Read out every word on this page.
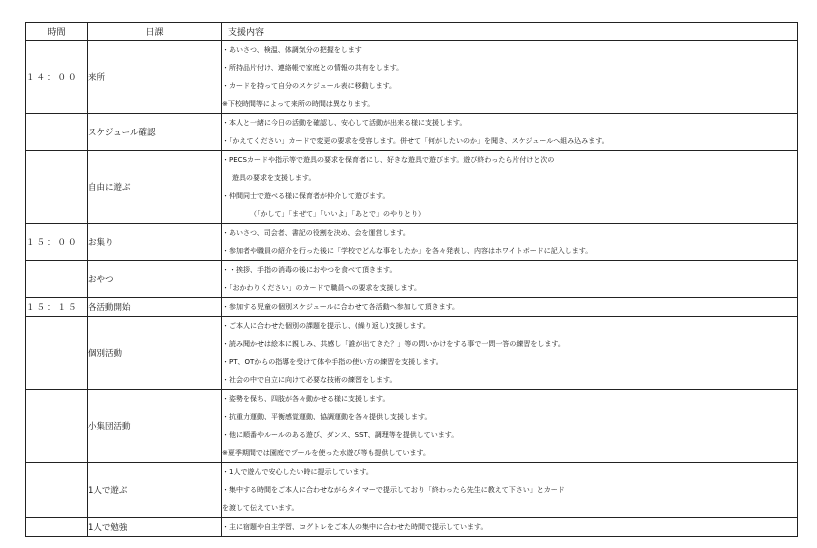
時間	日課	支援内容
１４：００	来所	・あいさつ、検温、体調気分の把握をします
・所持品片付け、連絡帳で家庭との情報の共有をします。
・カードを持って自分のスケジュール表に移動します。
※下校時間等によって来所の時間は異なります。

	スケジュール確認	・本人と一緒に今日の活動を確認し、安心して活動が出来る様に支援します。
・「かえてください」カードで変更の要求を受容します。併せて「何がしたいのか」を聞き、スケジュールへ組み込みます。

	自由に遊ぶ	・PECSカードや指示等で遊具の要求を保育者にし、好きな遊具で遊びます。遊び終わったら片付けと次の
遊具の要求を支援します。
・仲間同士で遊べる様に保育者が仲介して遊びます。
（「かして」「まぜて」「いいよ」「あとで」のやりとり）

１５：００	お集り	・あいさつ、司会者、書記の役割を決め、会を運営します。
・参加者や職員の紹介を行った後に「学校でどんな事をしたか」を各々発表し、内容はホワイトボードに記入します。

	おやつ	・・挨拶、手指の消毒の後におやつを食べて頂きます。
・「おかわりください」のカードで職員への要求を支援します。

１５：１５	各活動開始	・参加する児童の個別スケジュールに合わせて各活動へ参加して頂きます。

	個別活動	・ご本人に合わせた個別の課題を提示し、(繰り返し)支援します。
・読み聞かせは絵本に親しみ、共感し「誰が出てきた？」等の問いかけをする事で一問一答の練習をします。
・PT、OTからの指導を受けて体や手指の使い方の練習を支援します。
・社会の中で自立に向けて必要な技術の練習をします。

	小集団活動	・姿勢を保ち、四肢が各々動かせる様に支援します。
・抗重力運動、平衡感覚運動、協調運動を各々提供し支援します。
・他に順番やルールのある遊び、ダンス、SST、調理等を提供しています。
※夏季期間では園庭でプールを使った水遊び等も提供しています。

	1人で遊ぶ	・1人で遊んで安心したい時に提示しています。
・集中する時間をご本人に合わせながらタイマーで提示しており「終わったら先生に教えて下さい」とカード
を渡して伝えています。

	1人で勉強	・主に宿題や自主学習、コグトレをご本人の集中に合わせた時間で提示しています。
